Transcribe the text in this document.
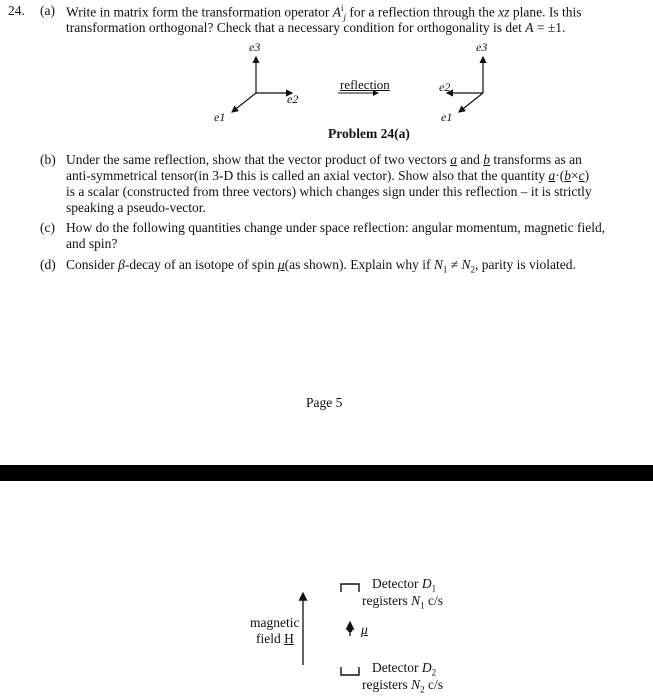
24. (a) Write in matrix form the transformation operator $A^i_j$ for a reflection through the xz plane. Is this
transformation orthogonal? Check that a necessary condition for orthogonality is det A = ±1.
e3
e2
e1
reflection
e3
e2
e1
Problem 24(a)
(b) Under the same reflection, show that the vector product of two vectors a and b transforms as an
anti-symmetrical tensor(in 3-D this is called an axial vector). Show also that the quantity a·(b×c)
is a scalar (constructed from three vectors) which changes sign under this reflection – it is strictly
speaking a pseudo-vector.
(c) How do the following quantities change under space reflection: angular momentum, magnetic field,
and spin?
(d) Consider β-decay of an isotope of spin μ(as shown). Explain why if $N_1 \ne N_2$, parity is violated.
Page 5
magnetic
field H
μ
Detector $D_1$
registers $N_1$ c/s
Detector $D_2$
registers $N_2$ c/s
